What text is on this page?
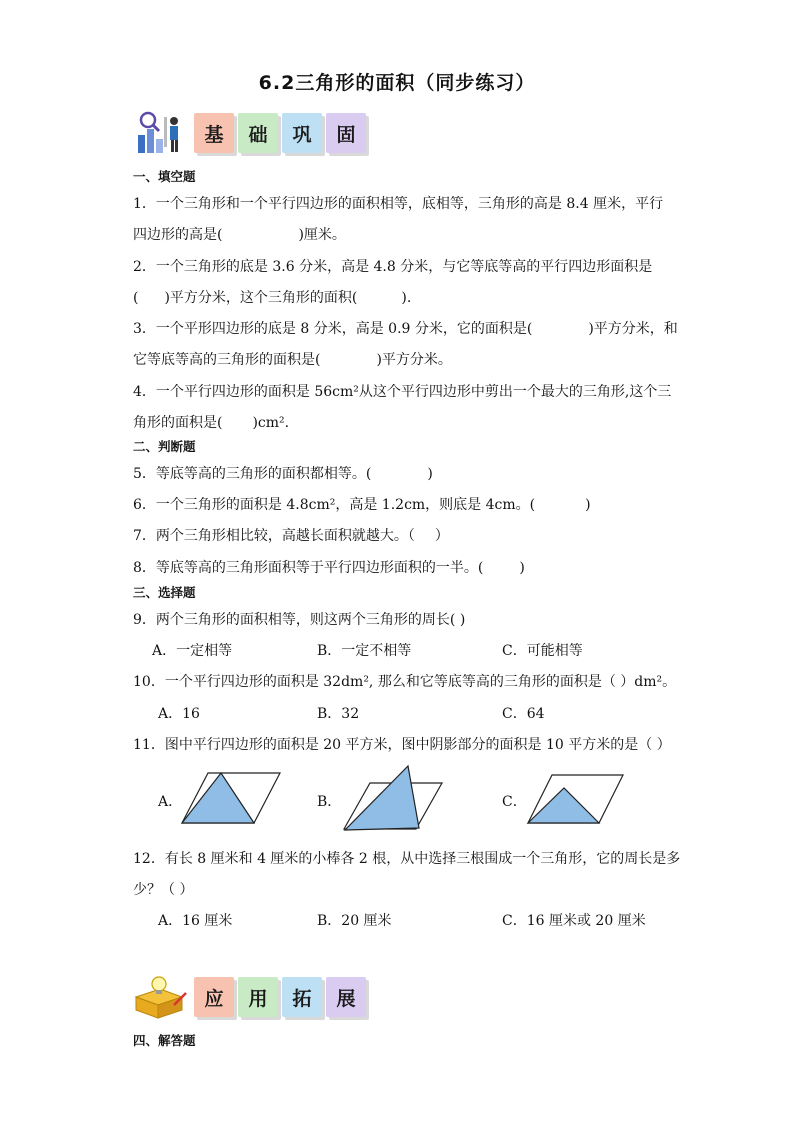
6.2三角形的面积（同步练习）
基	础	巩	固
一、填空题
1．一个三角形和一个平行四边形的面积相等，底相等，三角形的高是 8.4 厘米，平行
四边形的高是(	)厘米。
2．一个三角形的底是 3.6 分米，高是 4.8 分米，与它等底等高的平行四边形面积是
( )平方分米，这个三角形的面积(	).
3．一个平形四边形的底是 8 分米，高是 0.9 分米，它的面积是(	)平方分米，和
它等底等高的三角形的面积是(	)平方分米。
4．一个平行四边形的面积是 56cm²从这个平行四边形中剪出一个最大的三角形,这个三
角形的面积是( )cm².
二、判断题
5．等底等高的三角形的面积都相等。(	)
6．一个三角形的面积是 4.8cm²，高是 1.2cm，则底是 4cm。(	)
7．两个三角形相比较，高越长面积就越大。（ ）
8．等底等高的三角形面积等于平行四边形面积的一半。(	)
三、选择题
9．两个三角形的面积相等，则这两个三角形的周长( )
A．一定相等	B．一定不相等	C．可能相等
10．一个平行四边形的面积是 32dm², 那么和它等底等高的三角形的面积是（ ）dm²。
A．16	B．32	C．64
11．图中平行四边形的面积是 20 平方米，图中阴影部分的面积是 10 平方米的是（ ）
A．	B．	C．
12．有长 8 厘米和 4 厘米的小棒各 2 根，从中选择三根围成一个三角形，它的周长是多
少？（ ）
A．16 厘米	B．20 厘米	C．16 厘米或 20 厘米
应	用	拓	展
四、解答题
